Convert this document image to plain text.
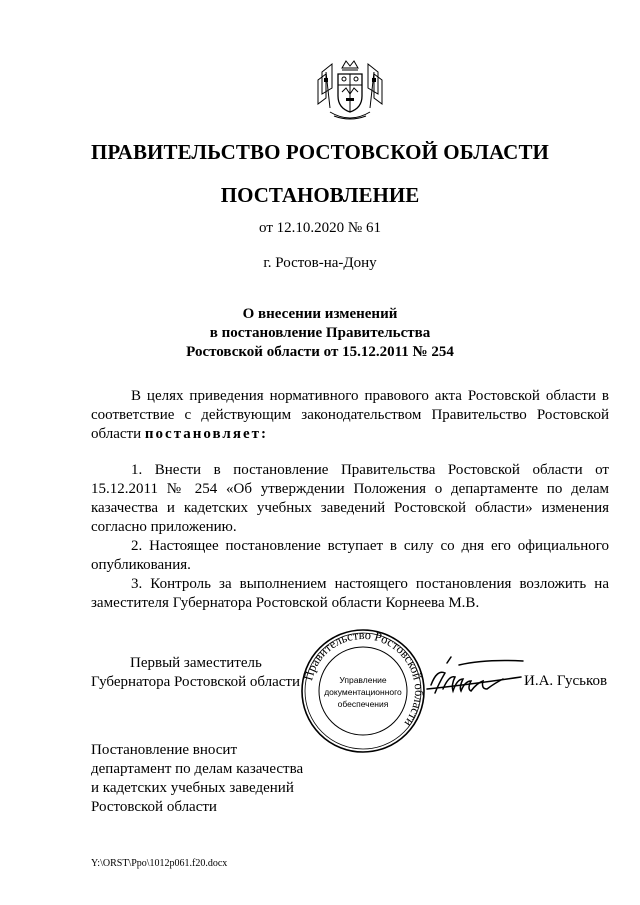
ПРАВИТЕЛЬСТВО РОСТОВСКОЙ ОБЛАСТИ
ПОСТАНОВЛЕНИЕ
от 12.10.2020 № 61
г. Ростов-на-Дону
О внесении изменений
в постановление Правительства
Ростовской области от 15.12.2011 № 254

В целях приведения нормативного правового акта Ростовской области в соответствие с действующим законодательством Правительство Ростовской области постановляет:

1. Внести в постановление Правительства Ростовской области от 15.12.2011 № 254 «Об утверждении Положения о департаменте по делам казачества и кадетских учебных заведений Ростовской области» изменения согласно приложению.

2. Настоящее постановление вступает в силу со дня его официального опубликования.

3. Контроль за выполнением настоящего постановления возложить на заместителя Губернатора Ростовской области Корнеева М.В.

Первый заместитель
Губернатора Ростовской области Правительство Ростовской области
Управление
документационного
обеспечения
И.А. Гуськов
Постановление вносит
департамент по делам казачества
и кадетских учебных заведений
Ростовской области
Y:\ORST\Ppo\1012p061.f20.docx
